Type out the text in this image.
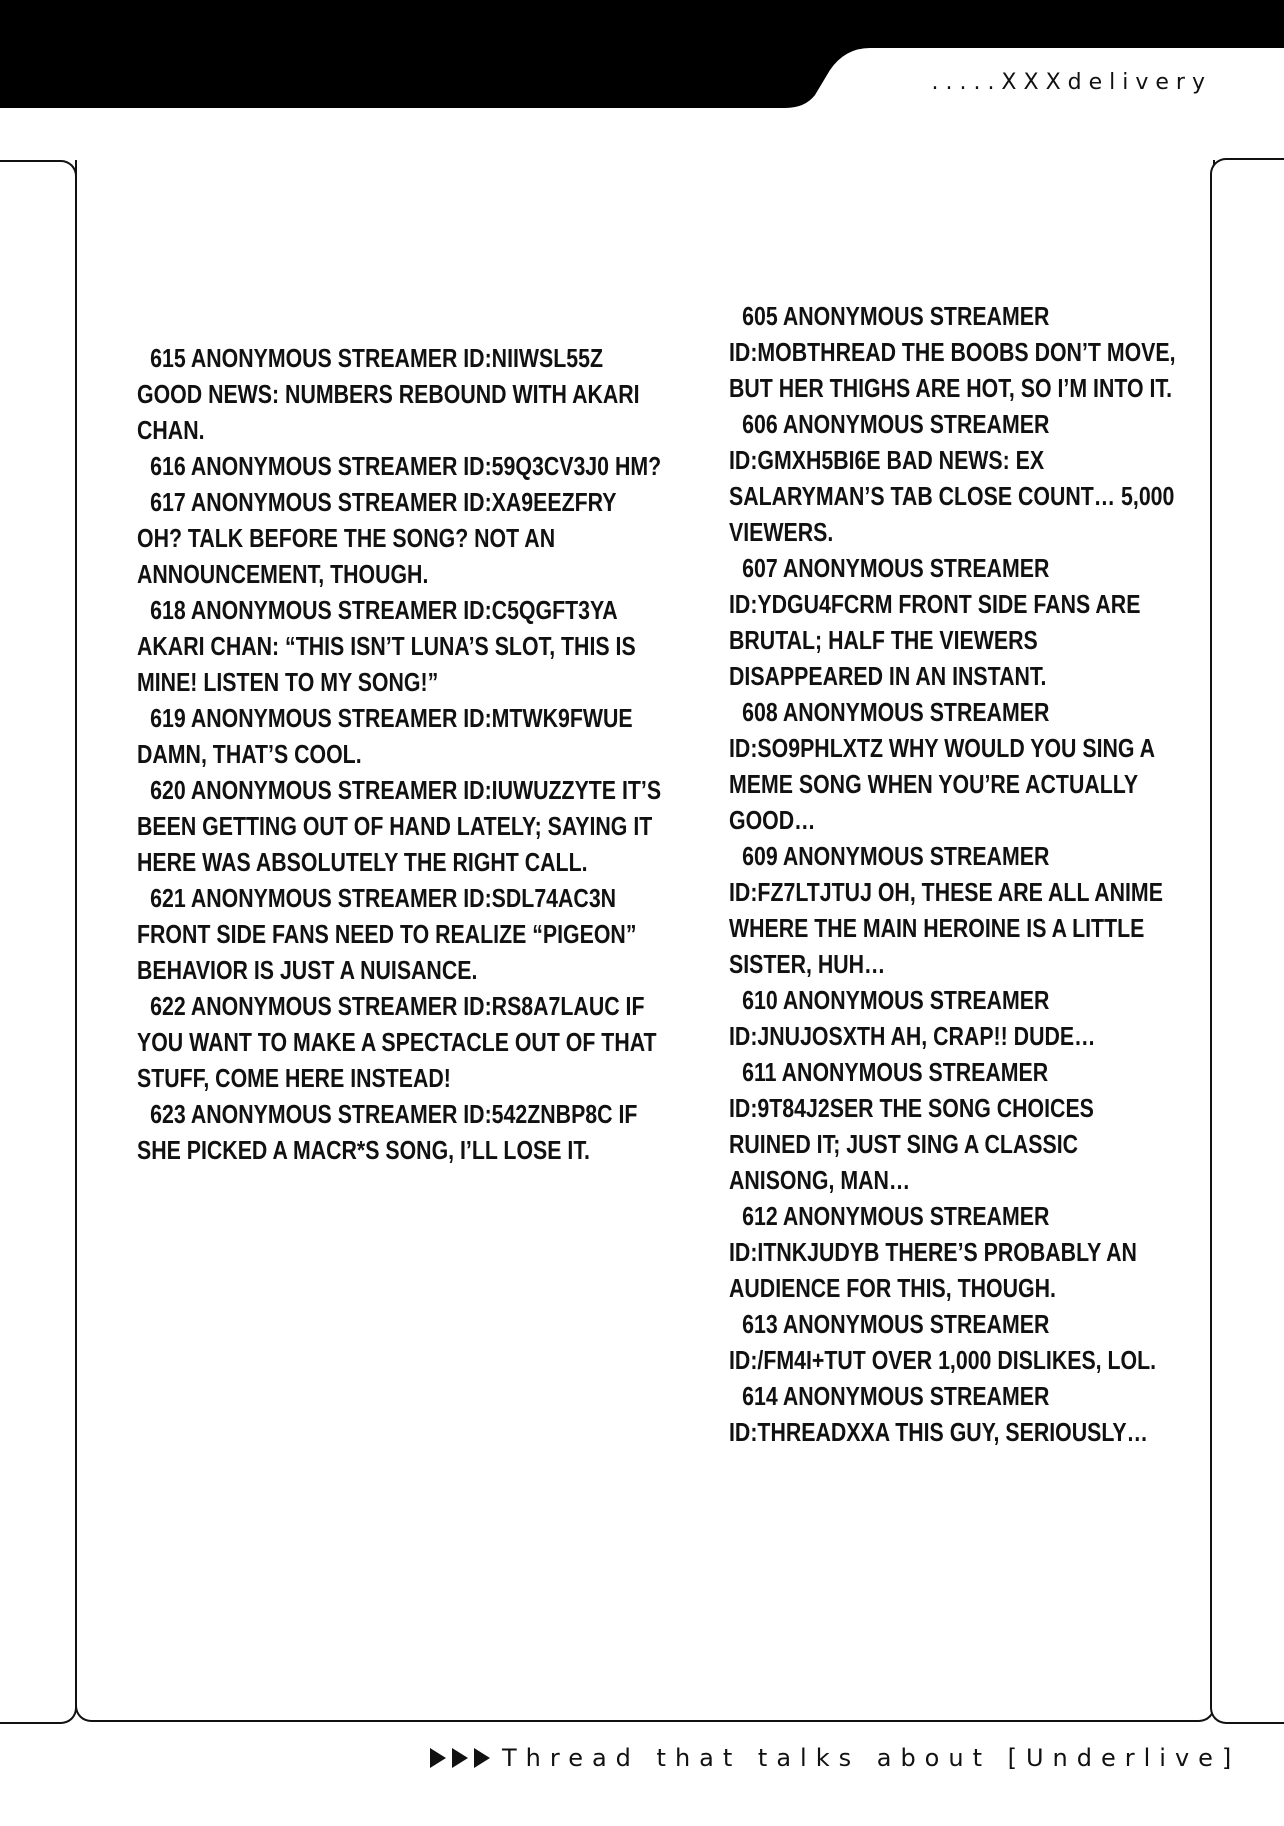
.....XXXdelivery

615 ANONYMOUS STREAMER ID:NIIWSL55Z GOOD NEWS: NUMBERS REBOUND WITH AKARI CHAN.

616 ANONYMOUS STREAMER ID:59Q3CV3J0 HM?

617 ANONYMOUS STREAMER ID:XA9EEZFRY OH? TALK BEFORE THE SONG? NOT AN ANNOUNCEMENT, THOUGH.

618 ANONYMOUS STREAMER ID:C5QGFT3YA AKARI CHAN: “THIS ISN’T LUNA’S SLOT, THIS IS MINE! LISTEN TO MY SONG!”

619 ANONYMOUS STREAMER ID:MTWK9FWUE DAMN, THAT’S COOL.

620 ANONYMOUS STREAMER ID:IUWUZZYTE IT’S BEEN GETTING OUT OF HAND LATELY; SAYING IT HERE WAS ABSOLUTELY THE RIGHT CALL.

621 ANONYMOUS STREAMER ID:SDL74AC3N FRONT SIDE FANS NEED TO REALIZE “PIGEON” BEHAVIOR IS JUST A NUISANCE.

622 ANONYMOUS STREAMER ID:RS8A7LAUC IF YOU WANT TO MAKE A SPECTACLE OUT OF THAT STUFF, COME HERE INSTEAD!

623 ANONYMOUS STREAMER ID:542ZNBP8C IF SHE PICKED A MACR*S SONG, I’LL LOSE IT.

605 ANONYMOUS STREAMER ID:MOBTHREAD THE BOOBS DON’T MOVE, BUT HER THIGHS ARE HOT, SO I’M INTO IT.

606 ANONYMOUS STREAMER ID:GMXH5BI6E BAD NEWS: EX SALARYMAN’S TAB CLOSE COUNT… 5,000 VIEWERS.

607 ANONYMOUS STREAMER ID:YDGU4FCRM FRONT SIDE FANS ARE BRUTAL; HALF THE VIEWERS DISAPPEARED IN AN INSTANT.

608 ANONYMOUS STREAMER ID:SO9PHLXTZ WHY WOULD YOU SING A MEME SONG WHEN YOU’RE ACTUALLY GOOD…

609 ANONYMOUS STREAMER ID:FZ7LTJTUJ OH, THESE ARE ALL ANIME WHERE THE MAIN HEROINE IS A LITTLE SISTER, HUH…

610 ANONYMOUS STREAMER ID:JNUJOSXTH AH, CRAP!! DUDE…

611 ANONYMOUS STREAMER ID:9T84J2SER THE SONG CHOICES RUINED IT; JUST SING A CLASSIC ANISONG, MAN…

612 ANONYMOUS STREAMER ID:ITNKJUDYB THERE’S PROBABLY AN AUDIENCE FOR THIS, THOUGH.

613 ANONYMOUS STREAMER ID:/FM4I+TUT OVER 1,000 DISLIKES, LOL.

614 ANONYMOUS STREAMER ID:THREADXXA THIS GUY, SERIOUSLY…

Thread that talks about [Underlive]
